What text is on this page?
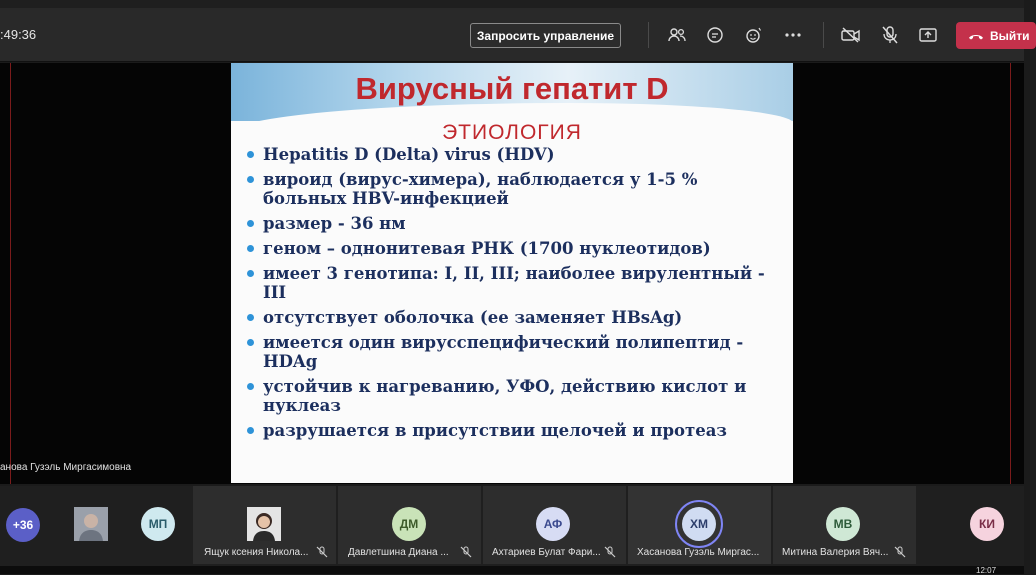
:49:36	Запросить управление	Выйти
Вирусный гепатит D
ЭТИОЛОГИЯ
Hepatitis D (Delta) virus (HDV)
вироид (вирус-химера), наблюдается у 1-5 % больных HBV-инфекцией
размер - 36 нм
геном – однонитевая РНК (1700 нуклеотидов)
имеет 3 генотипа: I, II, III; наиболее вирулентный - III
отсутствует оболочка (ее заменяет HBsAg)
имеется один вирусспецифический полипептид - HDAg
устойчив к нагреванию, УФО, действию кислот и нуклеаз
разрушается в присутствии щелочей и протеаз
анова Гузэль Миргасимовна
+36	МП
Ящук ксения Никола...
ДМ
Давлетшина Диана ...
АФ
Ахтариев Булат Фари...
ХМ
Хасанова Гузэль Миргас...
МВ
Митина Валерия Вяч...
КИ
12:07
